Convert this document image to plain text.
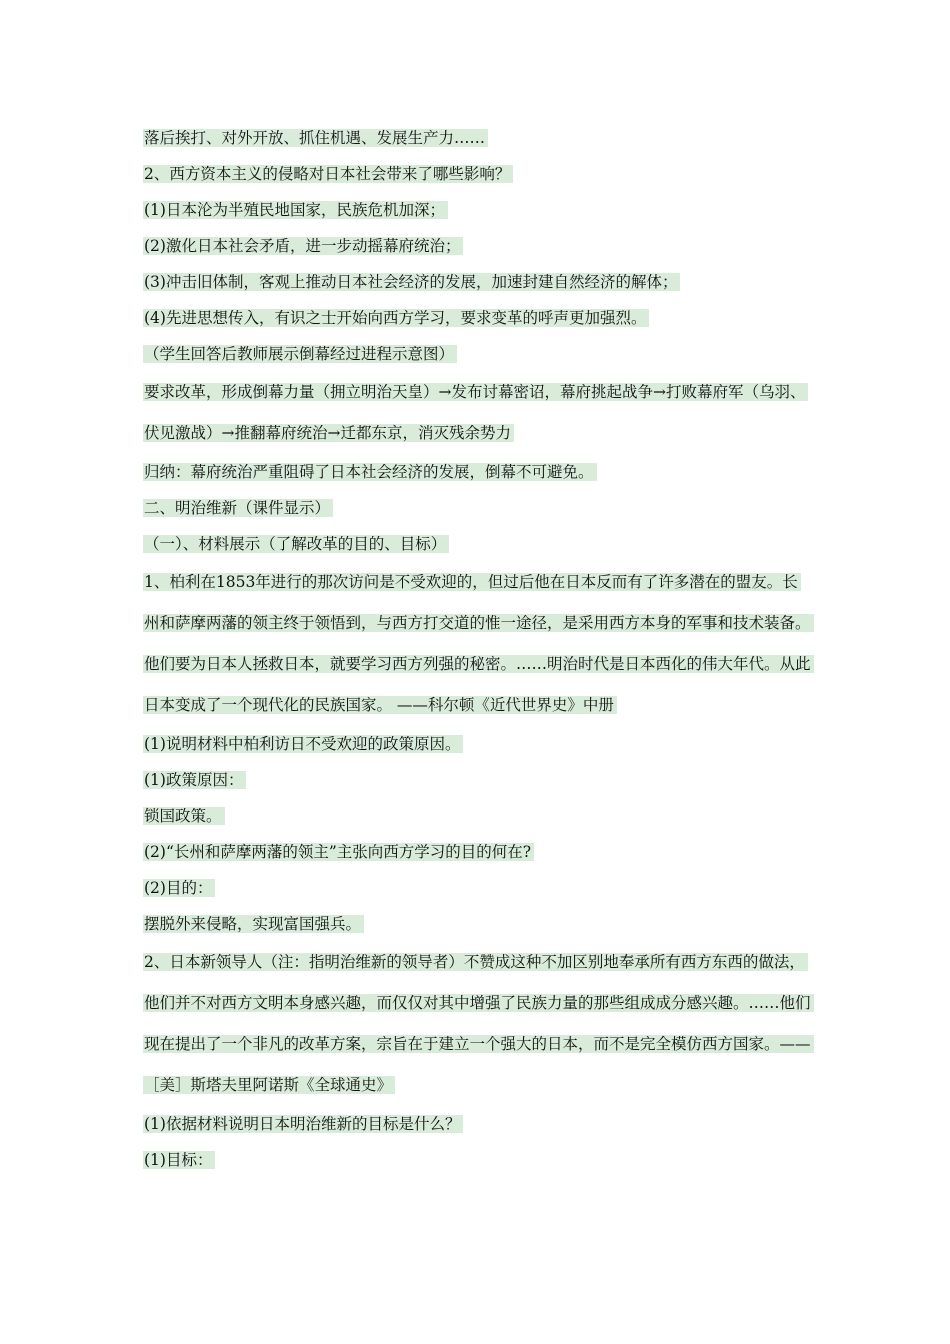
落后挨打、对外开放、抓住机遇、发展生产力……

2、西方资本主义的侵略对日本社会带来了哪些影响？

(1)日本沦为半殖民地国家，民族危机加深；

(2)激化日本社会矛盾，进一步动摇幕府统治；

(3)冲击旧体制，客观上推动日本社会经济的发展，加速封建自然经济的解体；

(4)先进思想传入，有识之士开始向西方学习，要求变革的呼声更加强烈。

（学生回答后教师展示倒幕经过进程示意图）

要求改革，形成倒幕力量（拥立明治天皇）→发布讨幕密诏，幕府挑起战争→打败幕府军（乌羽、伏见激战）→推翻幕府统治→迁都东京，消灭残余势力

归纳：幕府统治严重阻碍了日本社会经济的发展，倒幕不可避免。

二、明治维新（课件显示）

（一）、材料展示（了解改革的目的、目标）

1、柏利在1853年进行的那次访问是不受欢迎的，但过后他在日本反而有了许多潜在的盟友。长州和萨摩两藩的领主终于领悟到，与西方打交道的惟一途径，是采用西方本身的军事和技术装备。他们要为日本人拯救日本，就要学习西方列强的秘密。……明治时代是日本西化的伟大年代。从此日本变成了一个现代化的民族国家。 ——科尔顿《近代世界史》中册

(1)说明材料中柏利访日不受欢迎的政策原因。

(1)政策原因：

锁国政策。

(2)“长州和萨摩两藩的领主”主张向西方学习的目的何在?

(2)目的：

摆脱外来侵略，实现富国强兵。

2、日本新领导人（注：指明治维新的领导者）不赞成这种不加区别地奉承所有西方东西的做法，他们并不对西方文明本身感兴趣，而仅仅对其中增强了民族力量的那些组成成分感兴趣。……他们现在提出了一个非凡的改革方案，宗旨在于建立一个强大的日本，而不是完全模仿西方国家。——［美］斯塔夫里阿诺斯《全球通史》

(1)依据材料说明日本明治维新的目标是什么？

(1)目标：
